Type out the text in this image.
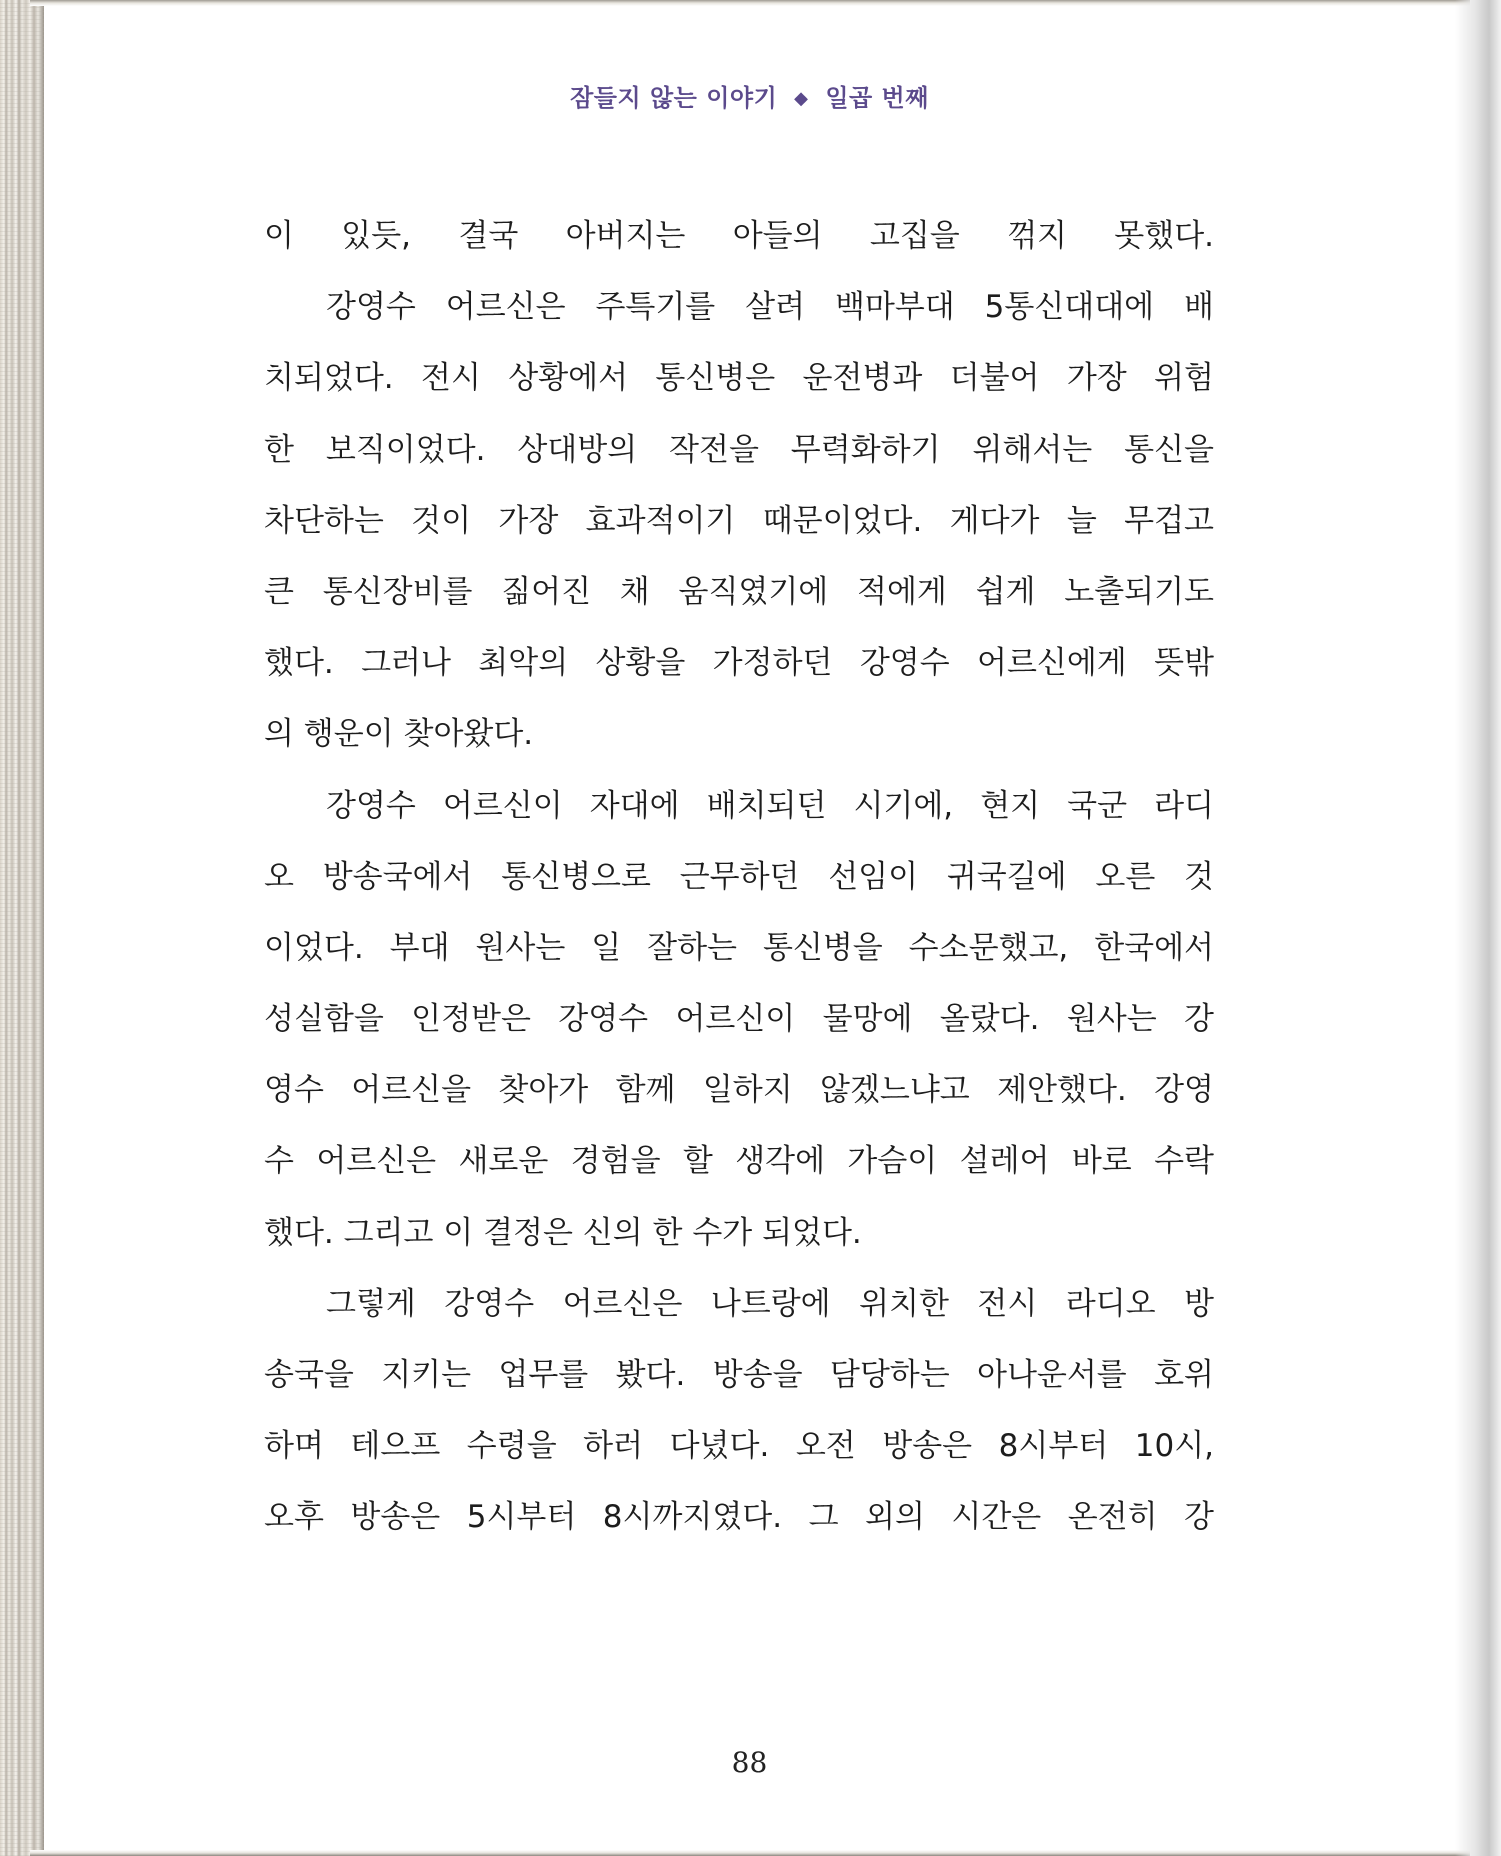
잠들지 않는 이야기 ◆ 일곱 번째
이 있듯, 결국 아버지는 아들의 고집을 꺾지 못했다.
강영수 어르신은 주특기를 살려 백마부대 5통신대대에 배
치되었다. 전시 상황에서 통신병은 운전병과 더불어 가장 위험
한 보직이었다. 상대방의 작전을 무력화하기 위해서는 통신을
차단하는 것이 가장 효과적이기 때문이었다. 게다가 늘 무겁고
큰 통신장비를 짊어진 채 움직였기에 적에게 쉽게 노출되기도
했다. 그러나 최악의 상황을 가정하던 강영수 어르신에게 뜻밖
의 행운이 찾아왔다.
강영수 어르신이 자대에 배치되던 시기에, 현지 국군 라디
오 방송국에서 통신병으로 근무하던 선임이 귀국길에 오른 것
이었다. 부대 원사는 일 잘하는 통신병을 수소문했고, 한국에서
성실함을 인정받은 강영수 어르신이 물망에 올랐다. 원사는 강
영수 어르신을 찾아가 함께 일하지 않겠느냐고 제안했다. 강영
수 어르신은 새로운 경험을 할 생각에 가슴이 설레어 바로 수락
했다. 그리고 이 결정은 신의 한 수가 되었다.
그렇게 강영수 어르신은 나트랑에 위치한 전시 라디오 방
송국을 지키는 업무를 봤다. 방송을 담당하는 아나운서를 호위
하며 테으프 수령을 하러 다녔다. 오전 방송은 8시부터 10시,
오후 방송은 5시부터 8시까지였다. 그 외의 시간은 온전히 강
88
